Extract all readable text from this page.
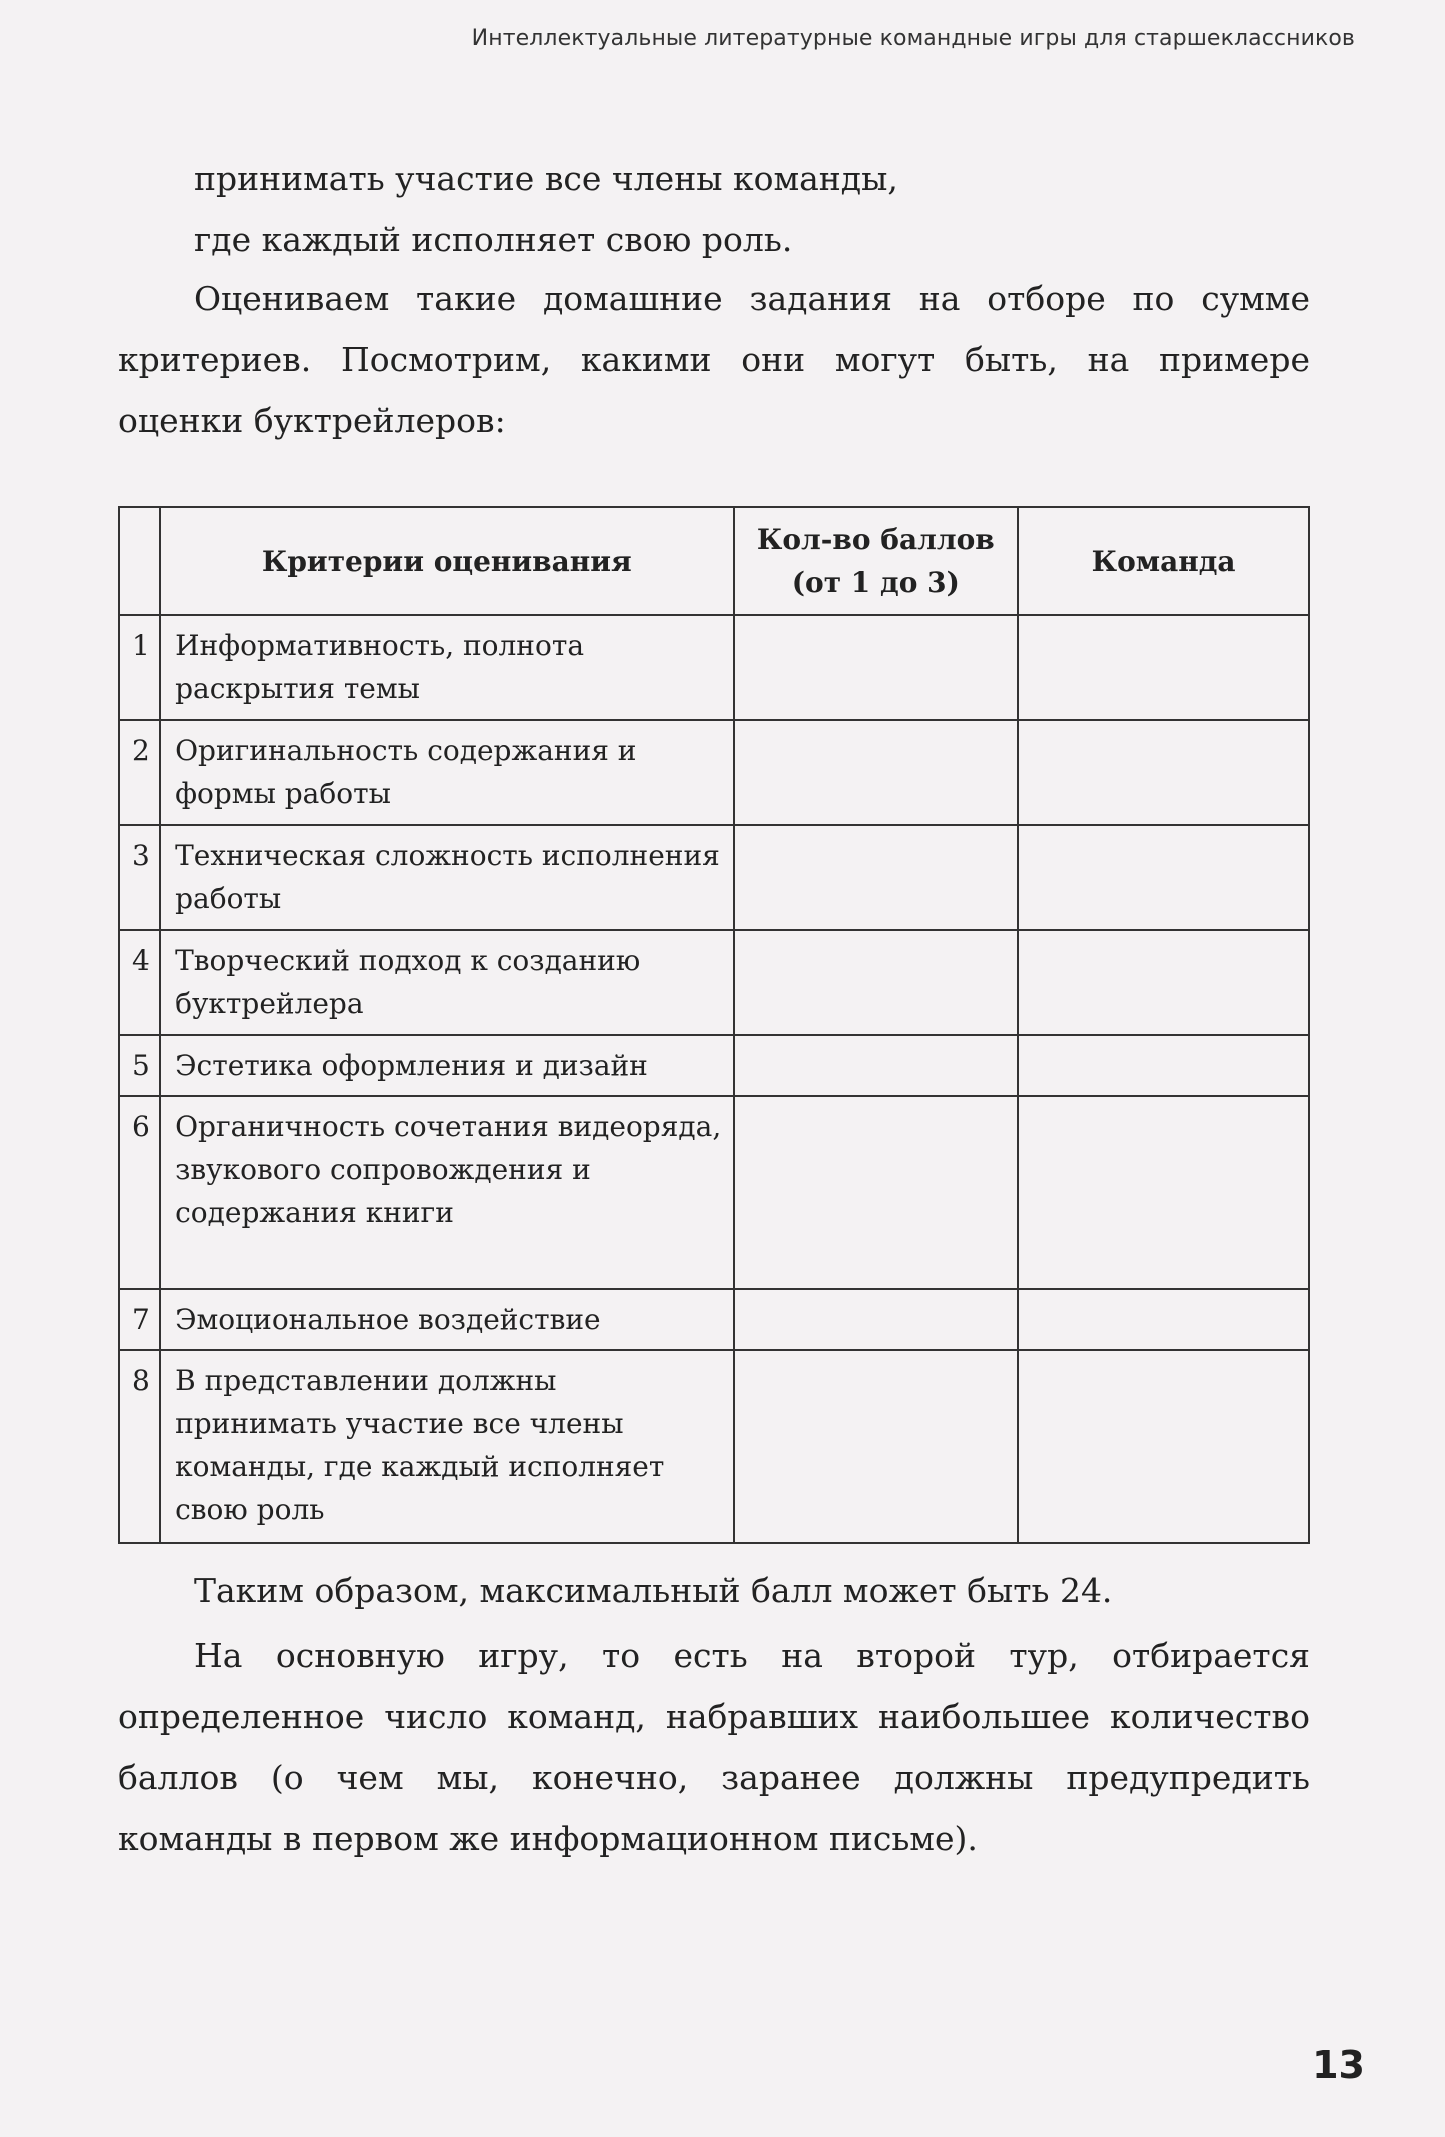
Интеллектуальные литературные командные игры для старшеклассников

принимать участие все члены команды, где каждый исполняет свою роль.

Оцениваем такие домашние задания на отборе по сумме критериев. Посмотрим, какими они могут быть, на примере оценки буктрейлеров:

	Критерии оценивания	Кол-во баллов (от 1 до 3)	Команда
1	Информативность, полнота раскрытия темы		
2	Оригинальность содержания и формы работы		
3	Техническая сложность исполнения работы		
4	Творческий подход к созданию буктрейлера		
5	Эстетика оформления и дизайн		
6	Органичность сочетания видеоряда, звукового сопровождения и содержания книги		
7	Эмоциональное воздействие		
8	В представлении должны принимать участие все члены команды, где каждый исполняет свою роль		

Таким образом, максимальный балл может быть 24.

На основную игру, то есть на второй тур, отбирается определенное число команд, набравших наибольшее количество баллов (о чем мы, конечно, заранее должны предупредить команды в первом же информационном письме).

13
